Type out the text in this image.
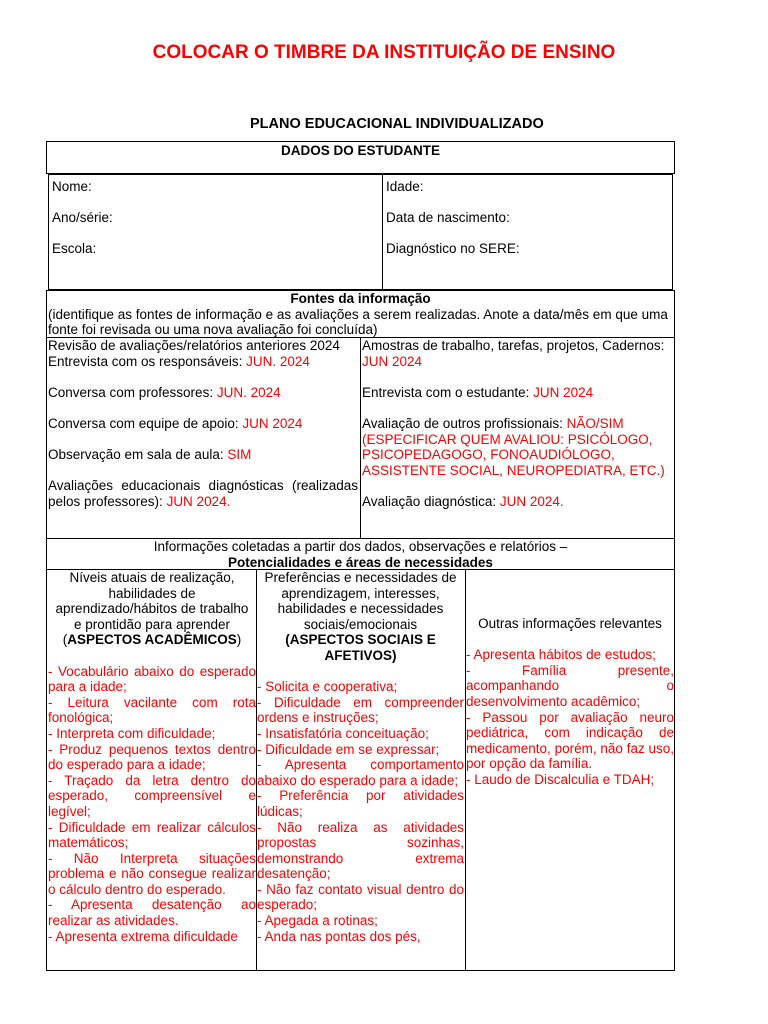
COLOCAR O TIMBRE DA INSTITUIÇÃO DE ENSINO
PLANO EDUCACIONAL INDIVIDUALIZADO
DADOS DO ESTUDANTE
Nome:
Ano/série:
Escola:
Idade:
Data de nascimento:
Diagnóstico no SERE:
Fontes da informação
(identifique as fontes de informação e as avaliações a serem realizadas. Anote a data/mês em que uma fonte foi revisada ou uma nova avaliação foi concluída)

Revisão de avaliações/relatórios anteriores 2024

Entrevista com os responsáveis: JUN. 2024

Conversa com professores: JUN. 2024

Conversa com equipe de apoio: JUN 2024

Observação em sala de aula: SIM

Avaliações educacionais diagnósticas (realizadas pelos professores): JUN 2024.

Amostras de trabalho, tarefas, projetos, Cadernos: JUN 2024

Entrevista com o estudante: JUN 2024

Avaliação de outros profissionais: NÃO/SIM (ESPECIFICAR QUEM AVALIOU: PSICÓLOGO, PSICOPEDAGOGO, FONOAUDIÓLOGO, ASSISTENTE SOCIAL, NEUROPEDIATRA, ETC.)

Avaliação diagnóstica: JUN 2024.

Informações coletadas a partir dos dados, observações e relatórios –
Potencialidades e áreas de necessidades
Níveis atuais de realização, habilidades de aprendizado/hábitos de trabalho e prontidão para aprender
(ASPECTOS ACADÊMICOS)

- Vocabulário abaixo do esperado para a idade;

- Leitura vacilante com rota fonológica;

- Interpreta com dificuldade;

- Produz pequenos textos dentro do esperado para a idade;

- Traçado da letra dentro do esperado, compreensível e legível;

- Dificuldade em realizar cálculos matemáticos;

- Não Interpreta situações problema e não consegue realizar o cálculo dentro do esperado.

- Apresenta desatenção ao realizar as atividades.

- Apresenta extrema dificuldade

Preferências e necessidades de aprendizagem, interesses, habilidades e necessidades sociais/emocionais
(ASPECTOS SOCIAIS E AFETIVOS)

- Solicita e cooperativa;

- Dificuldade em compreender ordens e instruções;

- Insatisfatória conceituação;

- Dificuldade em se expressar;

- Apresenta comportamento abaixo do esperado para a idade;

- Preferência por atividades lúdicas;

- Não realiza as atividades propostas sozinhas, demonstrando extrema desatenção;

- Não faz contato visual dentro do esperado;

- Apegada a rotinas;

- Anda nas pontas dos pés,

Outras informações relevantes

- Apresenta hábitos de estudos;

- Família presente, acompanhando o desenvolvimento acadêmico;

- Passou por avaliação neuro pediátrica, com indicação de medicamento, porém, não faz uso, por opção da família.

- Laudo de Discalculia e TDAH;
